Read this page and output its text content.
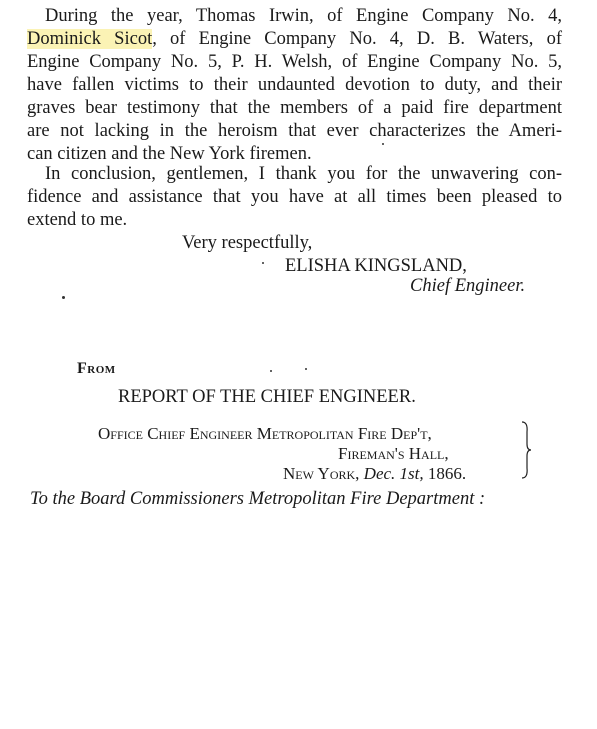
During the year, Thomas Irwin, of Engine Company No. 4,
Dominick Sicot, of Engine Company No. 4, D. B. Waters, of
Engine Company No. 5, P. H. Welsh, of Engine Company No. 5,
have fallen victims to their undaunted devotion to duty, and their
graves bear testimony that the members of a paid fire department
are not lacking in the heroism that ever characterizes the Ameri-
can citizen and the New York firemen.
In conclusion, gentlemen, I thank you for the unwavering con-
fidence and assistance that you have at all times been pleased to
extend to me.
Very respectfully,
ELISHA KINGSLAND,
Chief Engineer.
From
REPORT OF THE CHIEF ENGINEER.
Office Chief Engineer Metropolitan Fire Dep't,
Fireman's Hall,
New York, Dec. 1st, 1866.
To the Board Commissioners Metropolitan Fire Department :
